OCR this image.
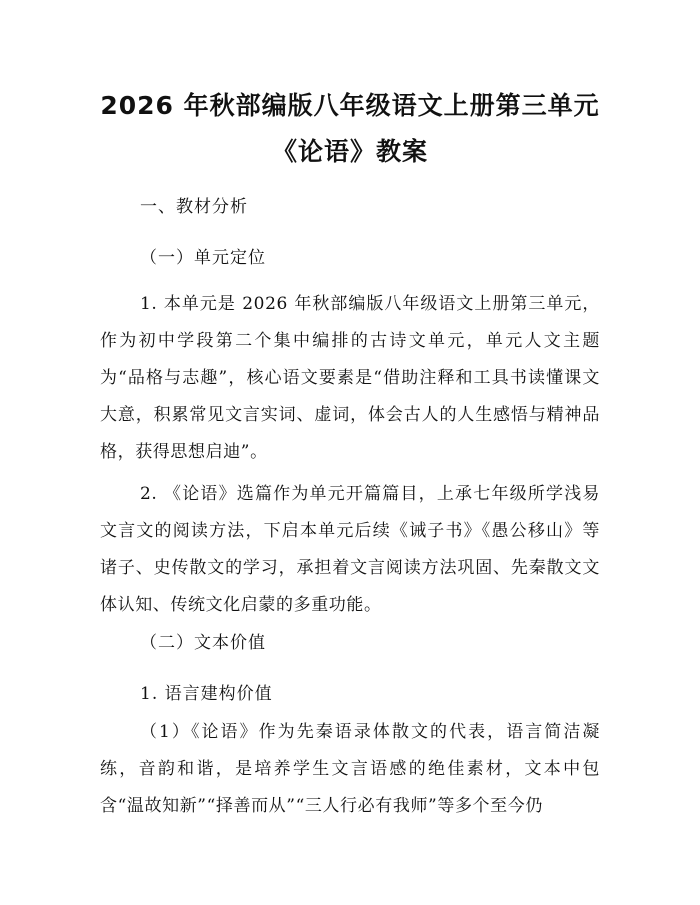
2026 年秋部编版八年级语文上册第三单元
《论语》教案
一、教材分析
（一）单元定位

1. 本单元是 2026 年秋部编版八年级语文上册第三单元，作为初中学段第二个集中编排的古诗文单元，单元人文主题为“品格与志趣”，核心语文要素是“借助注释和工具书读懂课文大意，积累常见文言实词、虚词，体会古人的人生感悟与精神品格，获得思想启迪”。

2. 《论语》选篇作为单元开篇篇目，上承七年级所学浅易文言文的阅读方法，下启本单元后续《诫子书》《愚公移山》等诸子、史传散文的学习，承担着文言阅读方法巩固、先秦散文文体认知、传统文化启蒙的多重功能。

（二）文本价值
1. 语言建构价值

（1）《论语》作为先秦语录体散文的代表，语言简洁凝练，音韵和谐，是培养学生文言语感的绝佳素材，文本中包含“温故知新”“择善而从”“三人行必有我师”等多个至今仍
